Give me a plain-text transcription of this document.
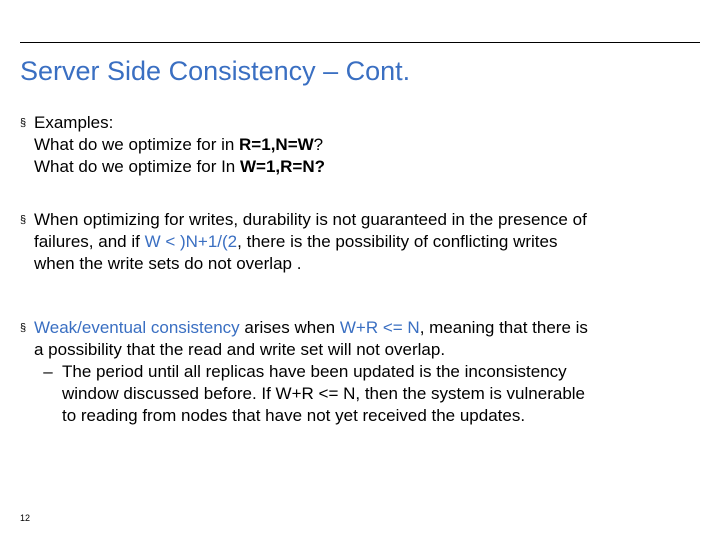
Server Side Consistency – Cont.
§ Examples:
What do we optimize for in R=1,N=W?
What do we optimize for In W=1,R=N?
§ When optimizing for writes, durability is not guaranteed in the presence of
failures, and if W < )N+1/(2, there is the possibility of conflicting writes
when the write sets do not overlap .
§ Weak/eventual consistency arises when W+R <= N, meaning that there is
a possibility that the read and write set will not overlap.
– The period until all replicas have been updated is the inconsistency
window discussed before. If W+R <= N, then the system is vulnerable
to reading from nodes that have not yet received the updates.
12
